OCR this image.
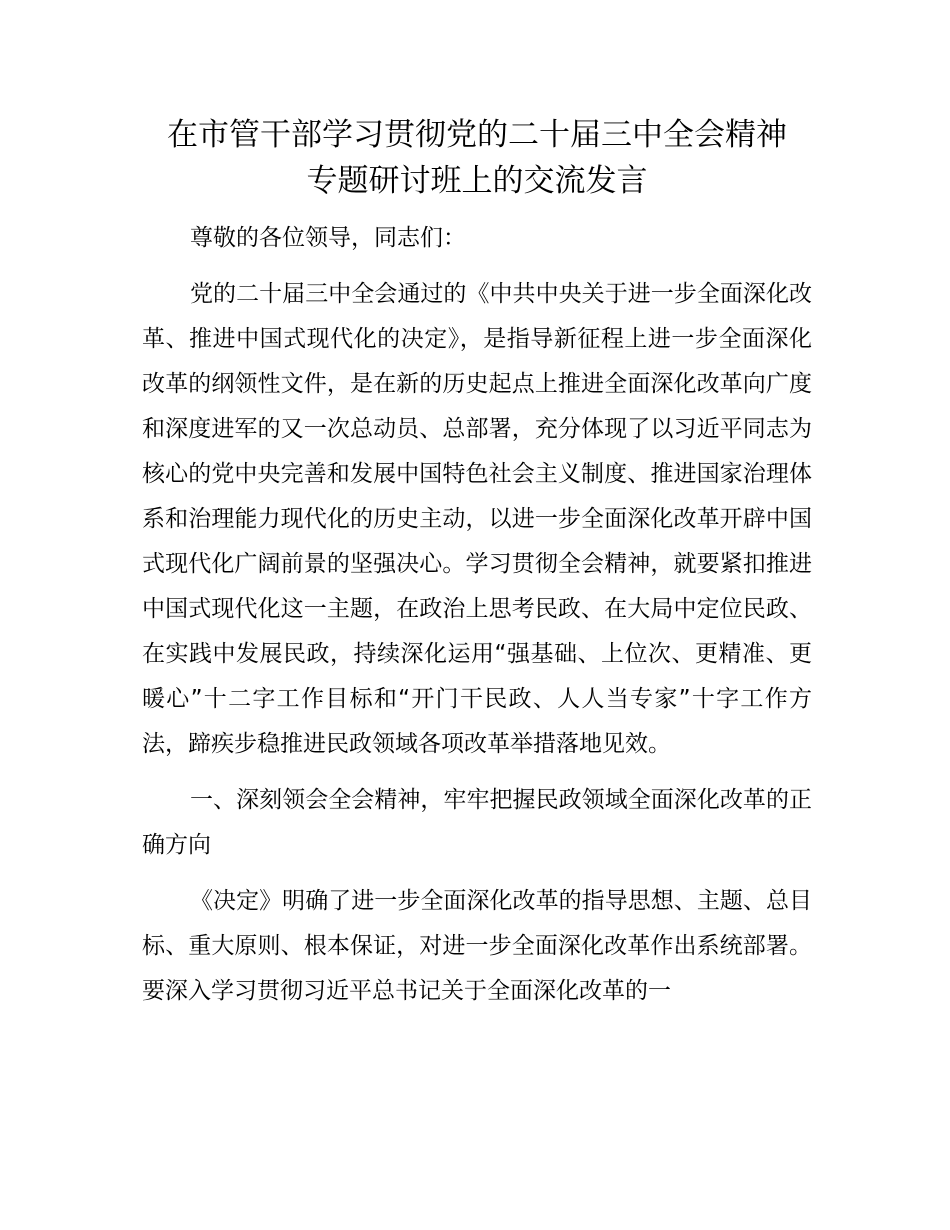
在市管干部学习贯彻党的二十届三中全会精神
专题研讨班上的交流发言

尊敬的各位领导，同志们：

党的二十届三中全会通过的《中共中央关于进一步全面深化改革、推进中国式现代化的决定》，是指导新征程上进一步全面深化改革的纲领性文件，是在新的历史起点上推进全面深化改革向广度和深度进军的又一次总动员、总部署，充分体现了以习近平同志为核心的党中央完善和发展中国特色社会主义制度、推进国家治理体系和治理能力现代化的历史主动，以进一步全面深化改革开辟中国式现代化广阔前景的坚强决心。学习贯彻全会精神，就要紧扣推进中国式现代化这一主题，在政治上思考民政、在大局中定位民政、在实践中发展民政，持续深化运用“强基础、上位次、更精准、更暖心”十二字工作目标和“开门干民政、人人当专家”十字工作方法，蹄疾步稳推进民政领域各项改革举措落地见效。

一、深刻领会全会精神，牢牢把握民政领域全面深化改革的正确方向

《决定》明确了进一步全面深化改革的指导思想、主题、总目标、重大原则、根本保证，对进一步全面深化改革作出系统部署。要深入学习贯彻习近平总书记关于全面深化改革的一
